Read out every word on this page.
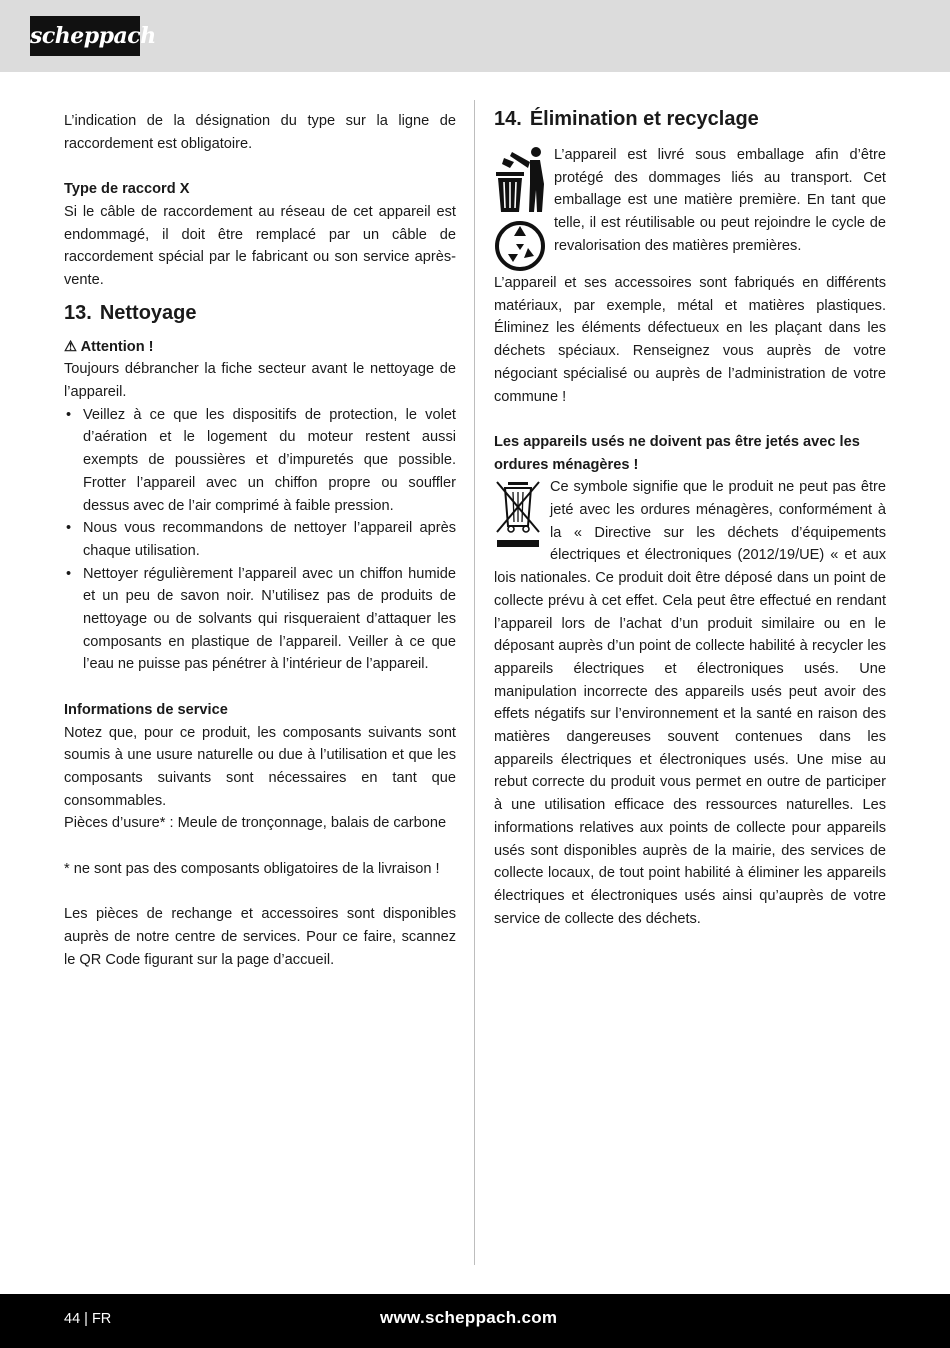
scheppach

L’indication de la désignation du type sur la ligne de raccordement est obligatoire.

Type de raccord X

Si le câble de raccordement au réseau de cet appareil est endommagé, il doit être remplacé par un câble de raccordement spécial par le fabricant ou son service après-vente.

13. Nettoyage
⚠ Attention !

Toujours débrancher la fiche secteur avant le nettoyage de l’appareil.

• Veillez à ce que les dispositifs de protection, le volet d’aération et le logement du moteur restent aussi exempts de poussières et d’impuretés que possible. Frotter l’appareil avec un chiffon propre ou souffler dessus avec de l’air comprimé à faible pression.
• Nous vous recommandons de nettoyer l’appareil après chaque utilisation.
• Nettoyer régulièrement l’appareil avec un chiffon humide et un peu de savon noir. N’utilisez pas de produits de nettoyage ou de solvants qui risqueraient d’attaquer les composants en plastique de l’appareil. Veiller à ce que l’eau ne puisse pas pénétrer à l’intérieur de l’appareil.
Informations de service

Notez que, pour ce produit, les composants suivants sont soumis à une usure naturelle ou due à l’utilisation et que les composants suivants sont nécessaires en tant que consommables.

Pièces d’usure* : Meule de tronçonnage, balais de carbone

* ne sont pas des composants obligatoires de la livraison !

Les pièces de rechange et accessoires sont disponibles auprès de notre centre de services. Pour ce faire, scannez le QR Code figurant sur la page d’accueil.

14. Élimination et recyclage

L’appareil est livré sous emballage afin d’être protégé des dommages liés au transport. Cet emballage est une matière première. En tant que telle, il est réutilisable ou peut rejoindre le cycle de revalorisation des matières premières.

L’appareil et ses accessoires sont fabriqués en différents matériaux, par exemple, métal et matières plastiques. Éliminez les éléments défectueux en les plaçant dans les déchets spéciaux. Renseignez vous auprès de votre négociant spécialisé ou auprès de l’administration de votre commune !

Les appareils usés ne doivent pas être jetés avec les ordures ménagères !

Ce symbole signifie que le produit ne peut pas être jeté avec les ordures ménagères, conformément à la « Directive sur les déchets d’équipements électriques et électroniques (2012/19/UE) « et aux lois nationales. Ce produit doit être déposé dans un point de collecte prévu à cet effet. Cela peut être effectué en rendant l’appareil lors de l’achat d’un produit similaire ou en le déposant auprès d’un point de collecte habilité à recycler les appareils électriques et électroniques usés. Une manipulation incorrecte des appareils usés peut avoir des effets négatifs sur l’environnement et la santé en raison des matières dangereuses souvent contenues dans les appareils électriques et électroniques usés. Une mise au rebut correcte du produit vous permet en outre de participer à une utilisation efficace des ressources naturelles. Les informations relatives aux points de collecte pour appareils usés sont disponibles auprès de la mairie, des services de collecte locaux, de tout point habilité à éliminer les appareils électriques et électroniques usés ainsi qu’auprès de votre service de collecte des déchets.

44 | FR	www.scheppach.com
